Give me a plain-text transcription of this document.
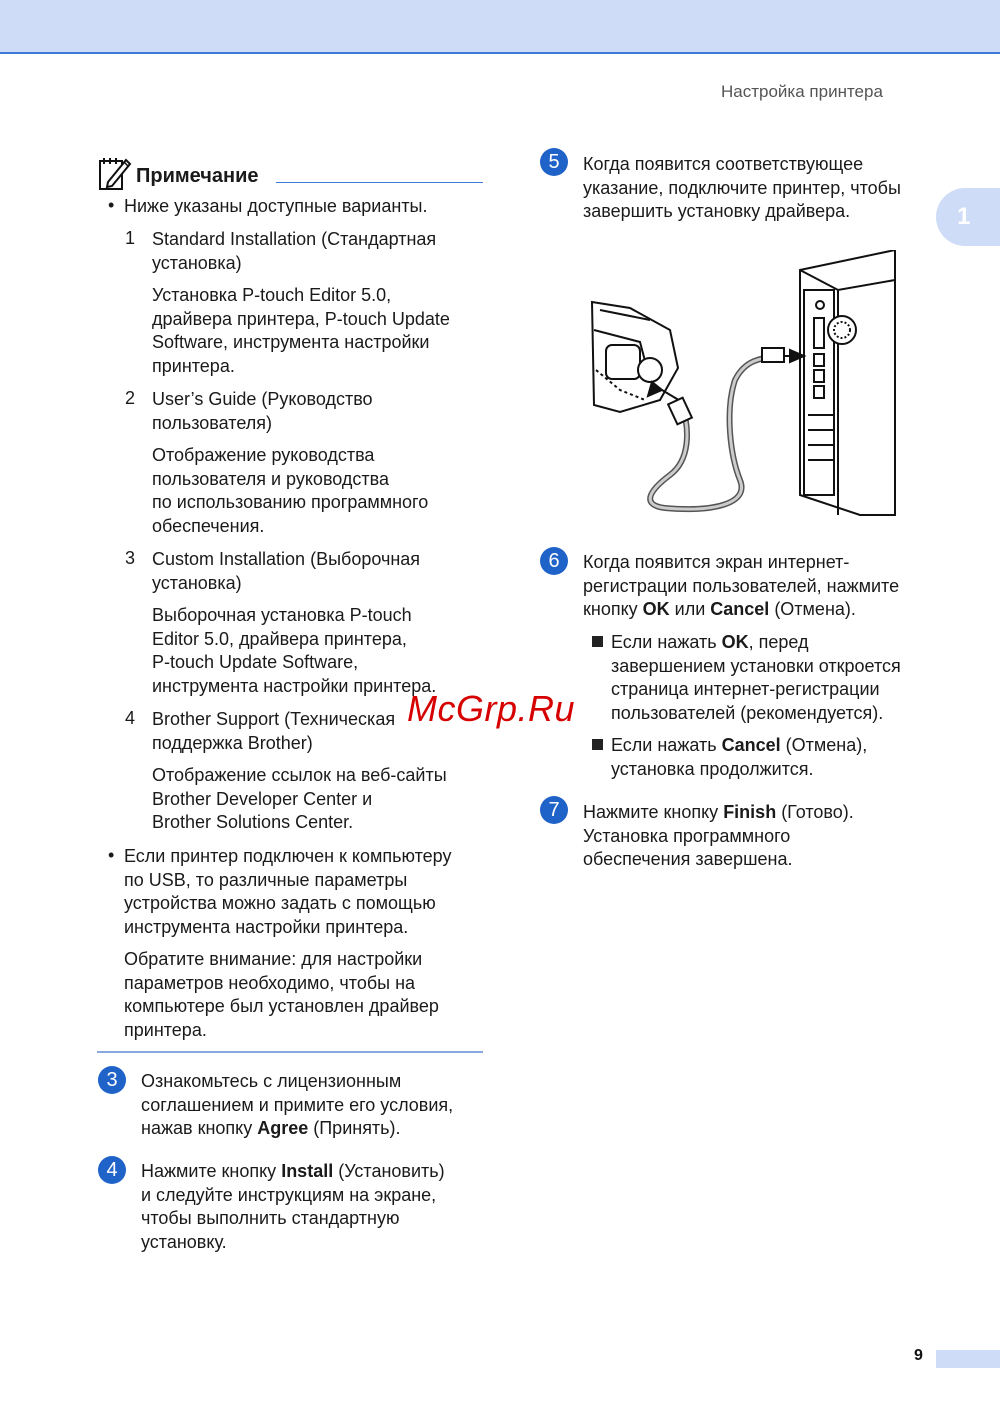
Настройка принтера
1
Примечание
• Ниже указаны доступные варианты.

1 Standard Installation (Стандартная
установка)
Установка P-touch Editor 5.0,
драйвера принтера, P-touch Update
Software, инструмента настройки
принтера.
2 User’s Guide (Руководство
пользователя)
Отображение руководства
пользователя и руководства
по использованию программного
обеспечения.
3 Custom Installation (Выборочная
установка)
Выборочная установка P-touch
Editor 5.0, драйвера принтера,
P-touch Update Software,
инструмента настройки принтера.
4 Brother Support (Техническая
поддержка Brother)
Отображение ссылок на веб-сайты
Brother Developer Center и
Brother Solutions Center.
• Если принтер подключен к компьютеру
по USB, то различные параметры
устройства можно задать с помощью
инструмента настройки принтера.
Обратите внимание: для настройки
параметров необходимо, чтобы на
компьютере был установлен драйвер
принтера.
3	Ознакомьтесь с лицензионным
соглашением и примите его условия,
нажав кнопку Agree (Принять).
4	Нажмите кнопку Install (Установить)
и следуйте инструкциям на экране,
чтобы выполнить стандартную
установку.
5	Когда появится соответствующее
указание, подключите принтер, чтобы
завершить установку драйвера.
6	Когда появится экран интернет-
регистрации пользователей, нажмите
кнопку OK или Cancel (Отмена).
Если нажать OK, перед
завершением установки откроется
страница интернет-регистрации
пользователей (рекомендуется).
Если нажать Cancel (Отмена),
установка продолжится.
7	Нажмите кнопку Finish (Готово).
Установка программного
обеспечения завершена.
McGrp.Ru
9
